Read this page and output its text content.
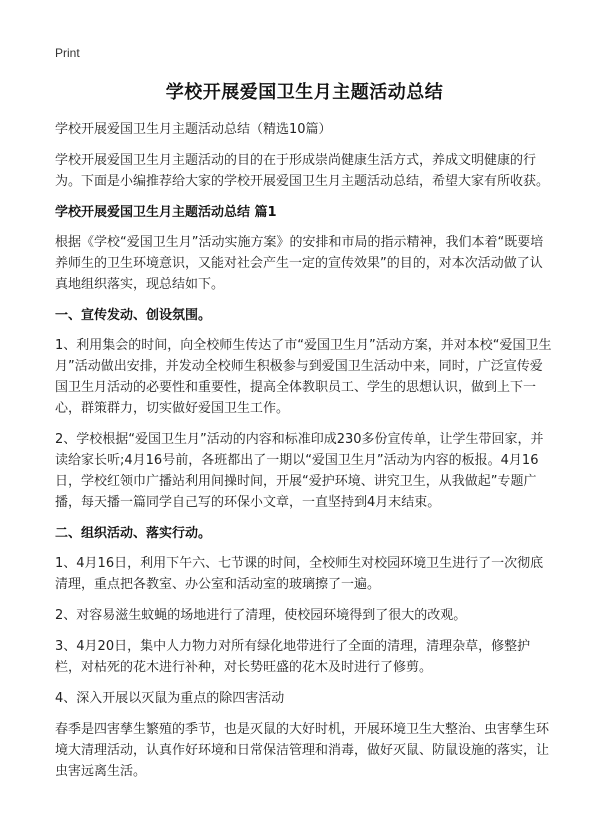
Print
学校开展爱国卫生月主题活动总结

学校开展爱国卫生月主题活动总结（精选10篇）

学校开展爱国卫生月主题活动的目的在于形成崇尚健康生活方式，养成文明健康的行为。下面是小编推荐给大家的学校开展爱国卫生月主题活动总结，希望大家有所收获。

学校开展爱国卫生月主题活动总结 篇1

根据《学校“爱国卫生月”活动实施方案》的安排和市局的指示精神，我们本着“既要培养师生的卫生环境意识，又能对社会产生一定的宣传效果”的目的，对本次活动做了认真地组织落实，现总结如下。

一、宣传发动、创设氛围。

1、利用集会的时间，向全校师生传达了市“爱国卫生月”活动方案，并对本校“爱国卫生月”活动做出安排，并发动全校师生积极参与到爱国卫生活动中来，同时，广泛宣传爱国卫生月活动的必要性和重要性，提高全体教职员工、学生的思想认识，做到上下一心，群策群力，切实做好爱国卫生工作。

2、学校根据“爱国卫生月”活动的内容和标准印成230多份宣传单，让学生带回家，并读给家长听;4月16号前，各班都出了一期以“爱国卫生月”活动为内容的板报。4月16日，学校红领巾广播站利用间操时间，开展“爱护环境、讲究卫生，从我做起”专题广播，每天播一篇同学自己写的环保小文章，一直坚持到4月末结束。

二、组织活动、落实行动。

1、4月16日，利用下午六、七节课的时间，全校师生对校园环境卫生进行了一次彻底清理，重点把各教室、办公室和活动室的玻璃擦了一遍。

2、对容易滋生蚊蝇的场地进行了清理，使校园环境得到了很大的改观。

3、4月20日，集中人力物力对所有绿化地带进行了全面的清理，清理杂草，修整护栏，对枯死的花木进行补种，对长势旺盛的花木及时进行了修剪。

4、深入开展以灭鼠为重点的除四害活动

春季是四害孳生繁殖的季节，也是灭鼠的大好时机，开展环境卫生大整治、虫害孳生环境大清理活动，认真作好环境和日常保洁管理和消毒，做好灭鼠、防鼠设施的落实，让虫害远离生活。
